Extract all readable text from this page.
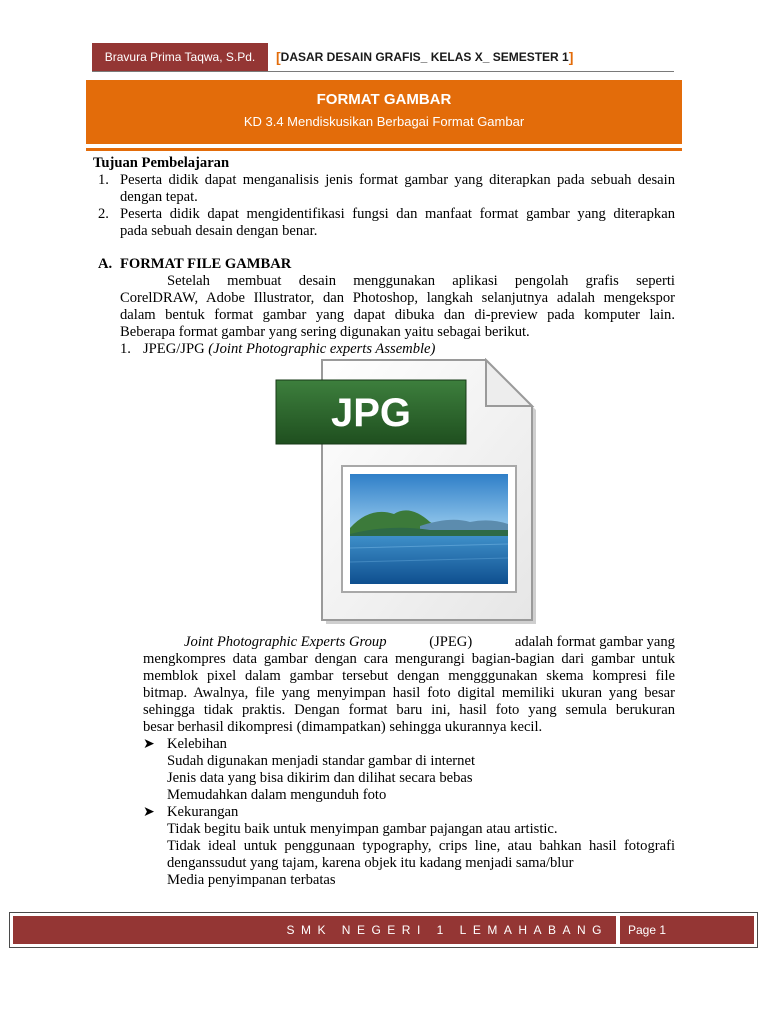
Bravura Prima Taqwa, S.Pd.	[ DASAR DESAIN GRAFIS_ KELAS X_ SEMESTER 1 ]
FORMAT GAMBAR
KD 3.4 Mendiskusikan Berbagai Format Gambar
Tujuan Pembelajaran
1. Peserta didik dapat menganalisis jenis format gambar yang diterapkan pada sebuah desain
dengan tepat.
2. Peserta didik dapat mengidentifikasi fungsi dan manfaat format gambar yang diterapkan
pada sebuah desain dengan benar.
A. FORMAT FILE GAMBAR
Setelah membuat desain menggunakan aplikasi pengolah grafis seperti
CorelDRAW, Adobe Illustrator, dan Photoshop, langkah selanjutnya adalah mengekspor
dalam bentuk format gambar yang dapat dibuka dan di-preview pada komputer lain.
Beberapa format gambar yang sering digunakan yaitu sebagai berikut.
1. JPEG/JPG (Joint Photographic experts Assemble)
JPG
Joint Photographic Experts Group	(JPEG)	adalah format gambar yang
mengkompres data gambar dengan cara mengurangi bagian-bagian dari gambar untuk
memblok pixel dalam gambar tersebut dengan mengggunakan skema kompresi file
bitmap. Awalnya, file yang menyimpan hasil foto digital memiliki ukuran yang besar
sehingga tidak praktis. Dengan format baru ini, hasil foto yang semula berukuran
besar berhasil dikompresi (dimampatkan) sehingga ukurannya kecil.
➤ Kelebihan
Sudah digunakan menjadi standar gambar di internet
Jenis data yang bisa dikirim dan dilihat secara bebas
Memudahkan dalam mengunduh foto
➤ Kekurangan
Tidak begitu baik untuk menyimpan gambar pajangan atau artistic.
Tidak ideal untuk penggunaan typography, crips line, atau bahkan hasil fotografi
denganssudut yang tajam, karena objek itu kadang menjadi sama/blur
Media penyimpanan terbatas
SMK NEGERI 1 LEMAHABANG	Page 1
